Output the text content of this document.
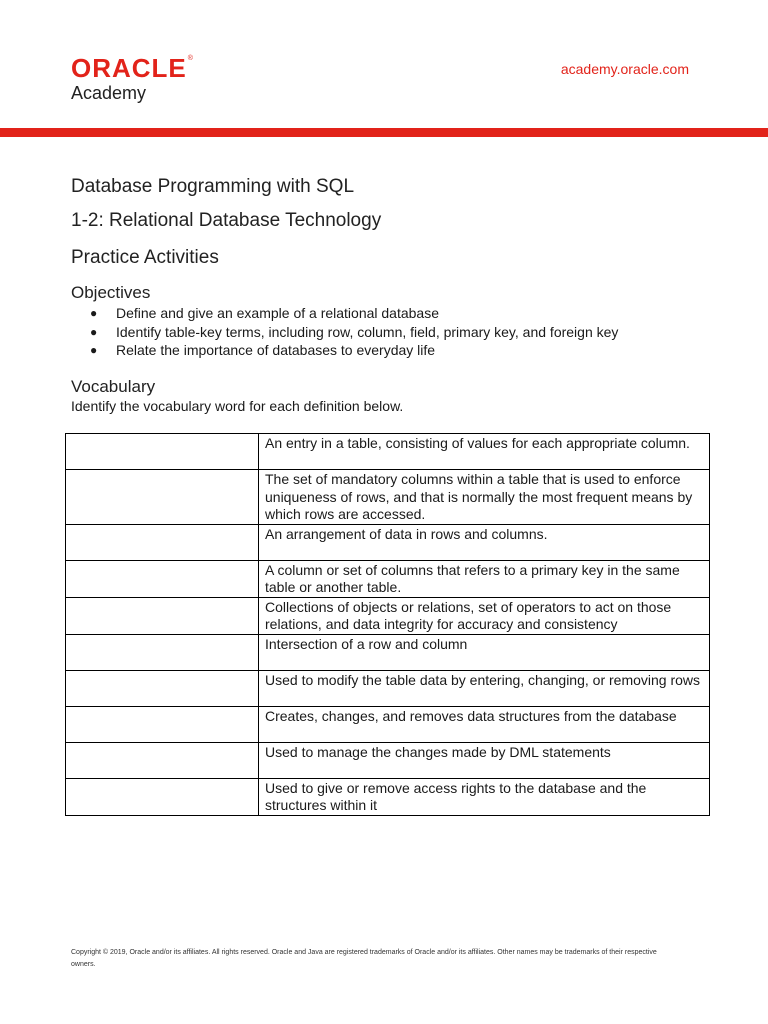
ORACLE®
Academy
academy.oracle.com
Database Programming with SQL
1-2: Relational Database Technology
Practice Activities
Objectives
● Define and give an example of a relational database
● Identify table-key terms, including row, column, field, primary key, and foreign key
● Relate the importance of databases to everyday life
Vocabulary
Identify the vocabulary word for each definition below.
	An entry in a table, consisting of values for each appropriate column.
	The set of mandatory columns within a table that is used to enforce uniqueness of rows, and that is normally the most frequent means by which rows are accessed.
	An arrangement of data in rows and columns.
	A column or set of columns that refers to a primary key in the same table or another table.
	Collections of objects or relations, set of operators to act on those relations, and data integrity for accuracy and consistency
	Intersection of a row and column
	Used to modify the table data by entering, changing, or removing rows
	Creates, changes, and removes data structures from the database
	Used to manage the changes made by DML statements
	Used to give or remove access rights to the database and the structures within it
Copyright © 2019, Oracle and/or its affiliates. All rights reserved. Oracle and Java are registered trademarks of Oracle and/or its affiliates. Other names may be trademarks of their respective owners.
